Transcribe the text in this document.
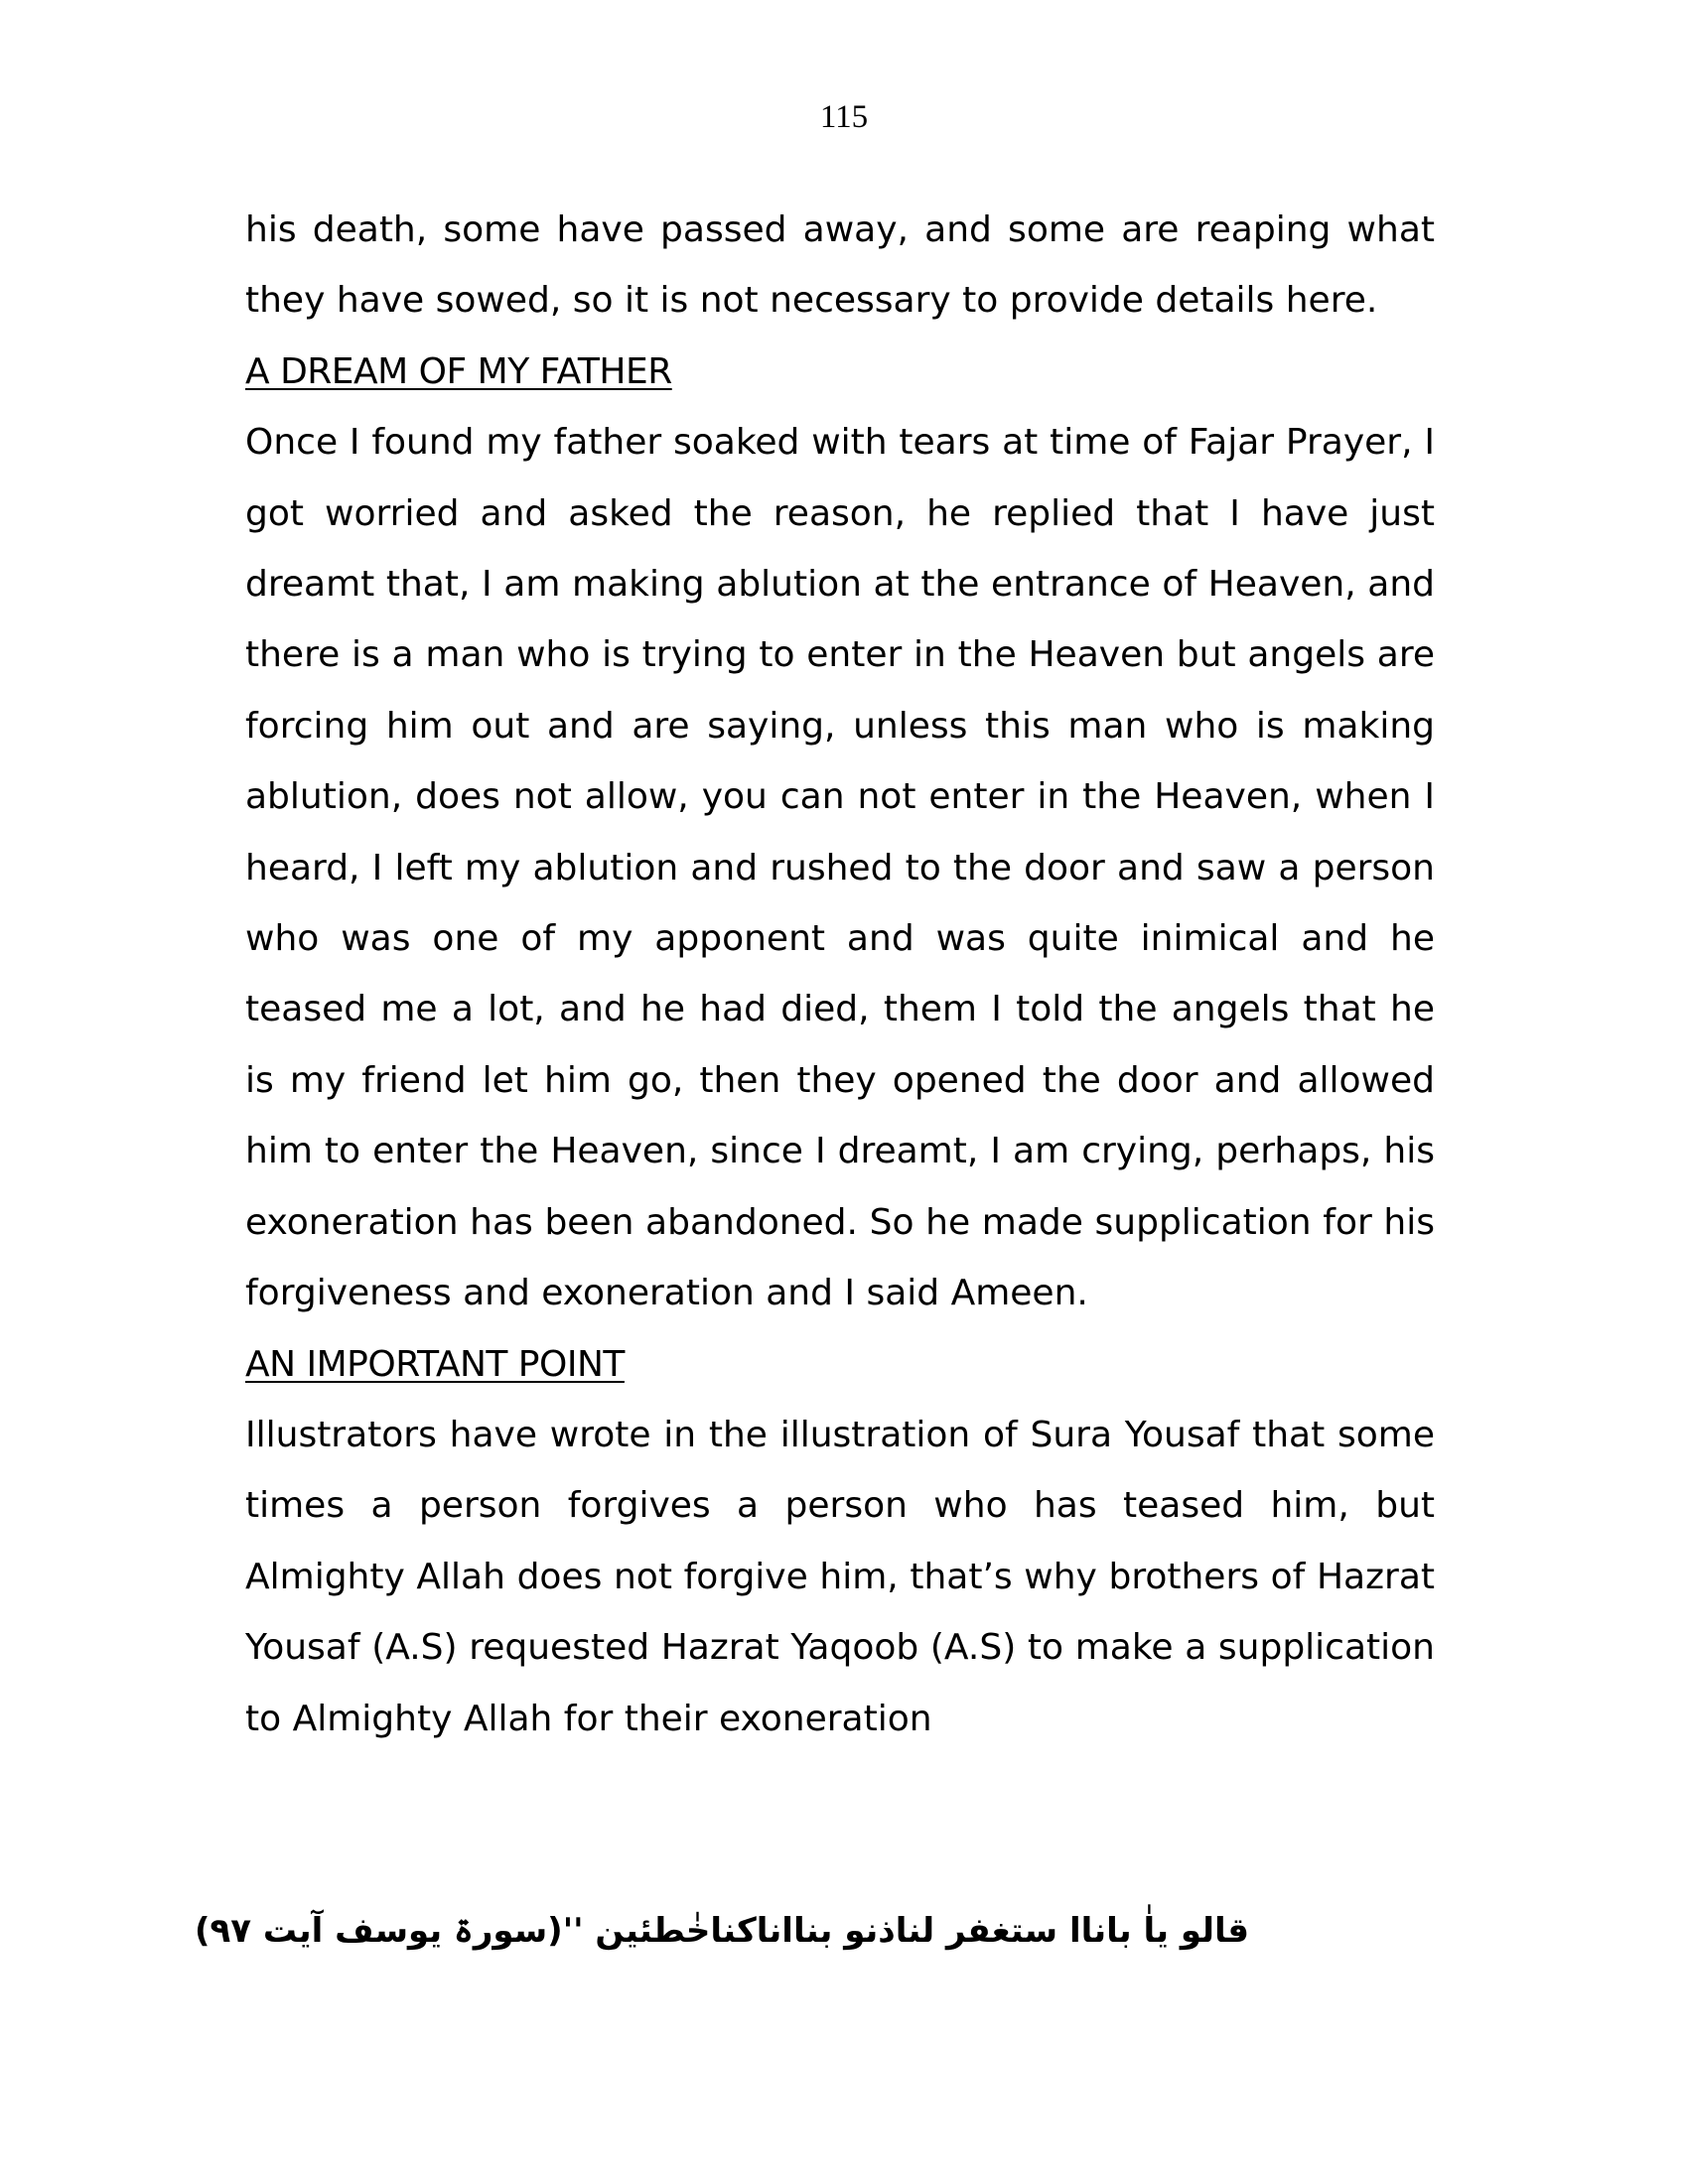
115

his death, some have passed away, and some are reaping what they have sowed, so it is not necessary to provide details here.

A DREAM OF MY FATHER

Once I found my father soaked with tears at time of Fajar Prayer, I got worried and asked the reason, he replied that I have just dreamt that, I am making ablution at the entrance of Heaven, and there is a man who is trying to enter in the Heaven but angels are forcing him out and are saying, unless this man who is making ablution, does not allow, you can not enter in the Heaven, when I heard, I left my ablution and rushed to the door and saw a person who was one of my apponent and was quite inimical and he teased me a lot, and he had died, them I told the angels that he is my friend let him go, then they opened the door and allowed him to enter the Heaven, since I dreamt, I am crying, perhaps, his exoneration has been abandoned. So he made supplication for his forgiveness and exoneration and I said Ameen.

AN IMPORTANT POINT

Illustrators have wrote in the illustration of Sura Yousaf that some times a person forgives a person who has teased him, but Almighty Allah does not forgive him, that’s why brothers of Hazrat Yousaf (A.S) requested Hazrat Yaqoob (A.S) to make a supplication to Almighty Allah for their exoneration

قالو یاٰ باناا ستغفر لناذنو بنااناکناخٰطئین ''(سورۃ یوسف آیت ۹۷)
